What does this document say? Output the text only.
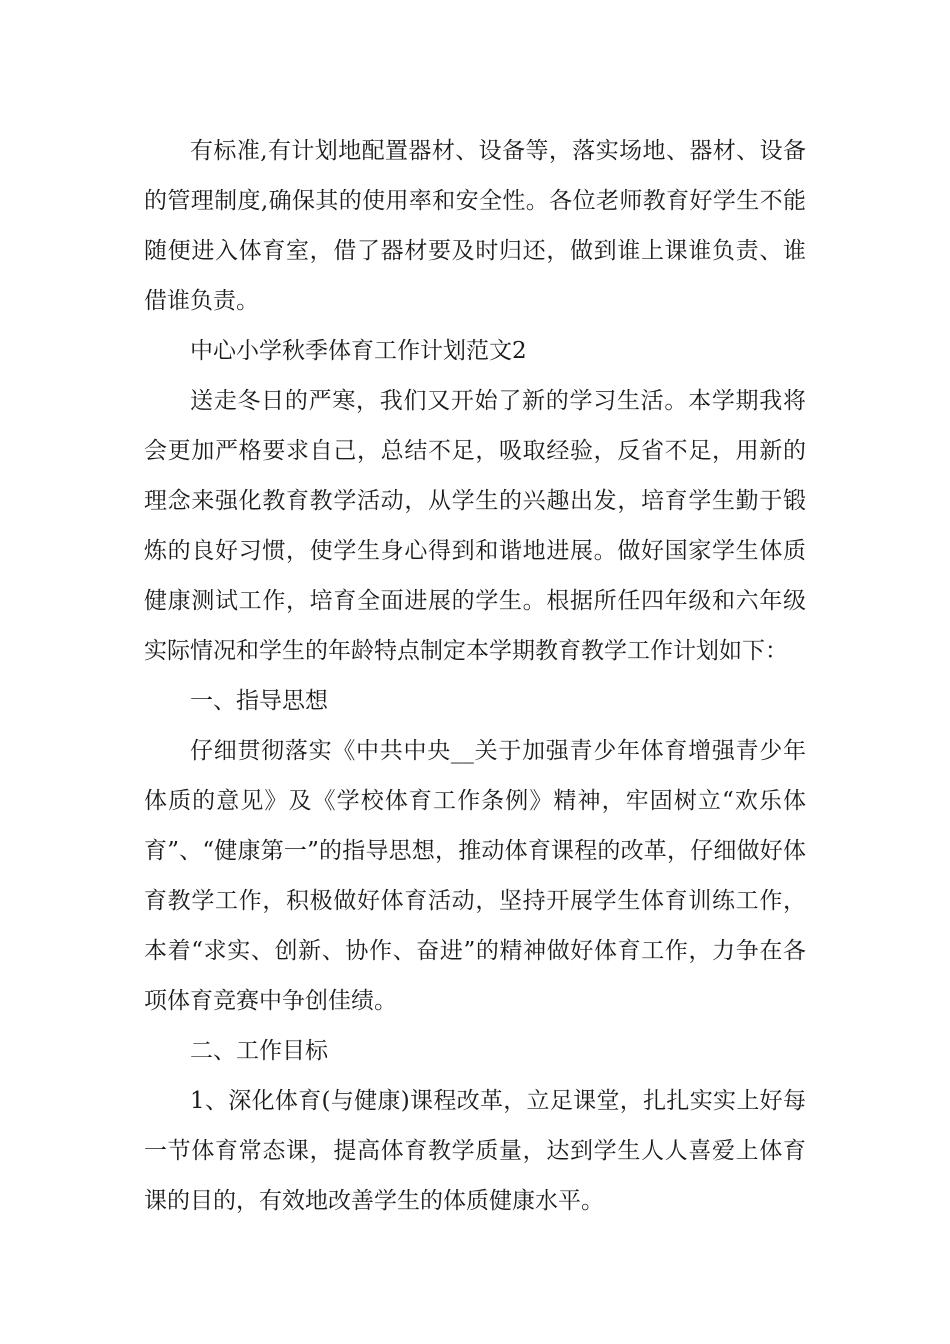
有标准,有计划地配置器材、设备等，落实场地、器材、设备的管理制度,确保其的使用率和安全性。各位老师教育好学生不能随便进入体育室，借了器材要及时归还，做到谁上课谁负责、谁借谁负责。

中心小学秋季体育工作计划范文2

送走冬日的严寒，我们又开始了新的学习生活。本学期我将会更加严格要求自己，总结不足，吸取经验，反省不足，用新的理念来强化教育教学活动，从学生的兴趣出发，培育学生勤于锻炼的良好习惯，使学生身心得到和谐地进展。做好国家学生体质健康测试工作，培育全面进展的学生。根据所任四年级和六年级实际情况和学生的年龄特点制定本学期教育教学工作计划如下：

一、指导思想

仔细贯彻落实《中共中央__关于加强青少年体育增强青少年体质的意见》及《学校体育工作条例》精神，牢固树立“欢乐体育”、“健康第一”的指导思想，推动体育课程的改革，仔细做好体育教学工作，积极做好体育活动，坚持开展学生体育训练工作，本着“求实、创新、协作、奋进”的精神做好体育工作，力争在各项体育竞赛中争创佳绩。

二、工作目标

1、深化体育(与健康)课程改革，立足课堂，扎扎实实上好每一节体育常态课，提高体育教学质量，达到学生人人喜爱上体育课的目的，有效地改善学生的体质健康水平。
